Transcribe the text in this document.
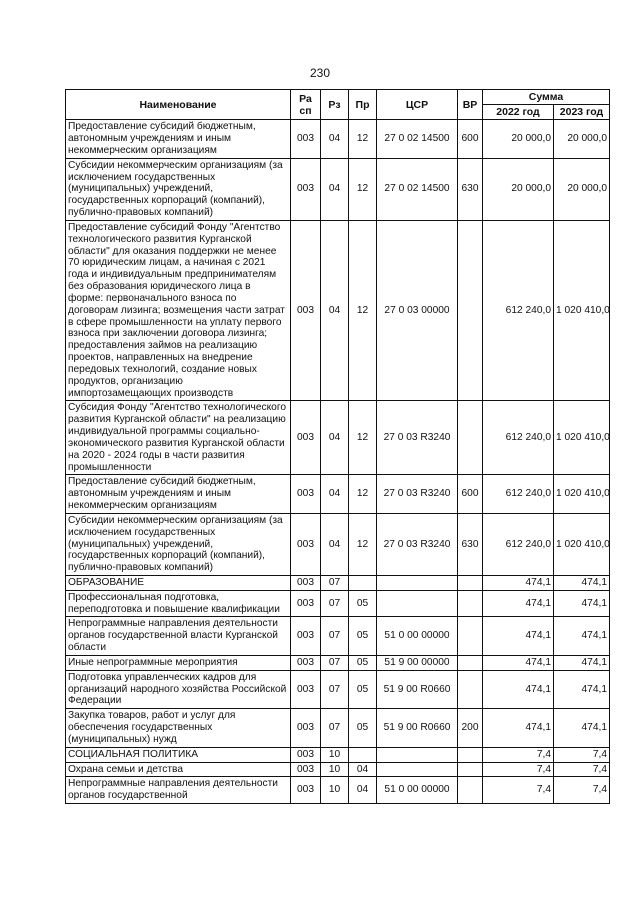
230
Наименование	Ра сп	Рз	Пр	ЦСР	ВР	Сумма	
						2022 год	2023 год
Предоставление субсидий бюджетным, автономным учреждениям и иным некоммерческим организациям	003	04	12	27 0 02 14500	600	20 000,0	20 000,0
Субсидии некоммерческим организациям (за исключением государственных (муниципальных) учреждений, государственных корпораций (компаний), публично-правовых компаний)	003	04	12	27 0 02 14500	630	20 000,0	20 000,0
Предоставление субсидий Фонду "Агентство технологического развития Курганской области" для оказания поддержки не менее 70 юридическим лицам, а начиная с 2021 года и индивидуальным предпринимателям без образования юридического лица в форме: первоначального взноса по договорам лизинга; возмещения части затрат в сфере промышленности на уплату первого взноса при заключении договора лизинга; предоставления займов на реализацию проектов, направленных на внедрение передовых технологий, создание новых продуктов, организацию импортозамещающих производств	003	04	12	27 0 03 00000		612 240,0	1 020 410,0
Субсидия Фонду "Агентство технологического развития Курганской области" на реализацию индивидуальной программы социально-экономического развития Курганской области на 2020 - 2024 годы в части развития промышленности	003	04	12	27 0 03 R3240		612 240,0	1 020 410,0
Предоставление субсидий бюджетным, автономным учреждениям и иным некоммерческим организациям	003	04	12	27 0 03 R3240	600	612 240,0	1 020 410,0
Субсидии некоммерческим организациям (за исключением государственных (муниципальных) учреждений, государственных корпораций (компаний), публично-правовых компаний)	003	04	12	27 0 03 R3240	630	612 240,0	1 020 410,0
ОБРАЗОВАНИЕ	003	07				474,1	474,1
Профессиональная подготовка, переподготовка и повышение квалификации	003	07	05			474,1	474,1
Непрограммные направления деятельности органов государственной власти Курганской области	003	07	05	51 0 00 00000		474,1	474,1
Иные непрограммные мероприятия	003	07	05	51 9 00 00000		474,1	474,1
Подготовка управленческих кадров для организаций народного хозяйства Российской Федерации	003	07	05	51 9 00 R0660		474,1	474,1
Закупка товаров, работ и услуг для обеспечения государственных (муниципальных) нужд	003	07	05	51 9 00 R0660	200	474,1	474,1
СОЦИАЛЬНАЯ ПОЛИТИКА	003	10				7,4	7,4
Охрана семьи и детства	003	10	04			7,4	7,4
Непрограммные направления деятельности органов государственной	003	10	04	51 0 00 00000		7,4	7,4
